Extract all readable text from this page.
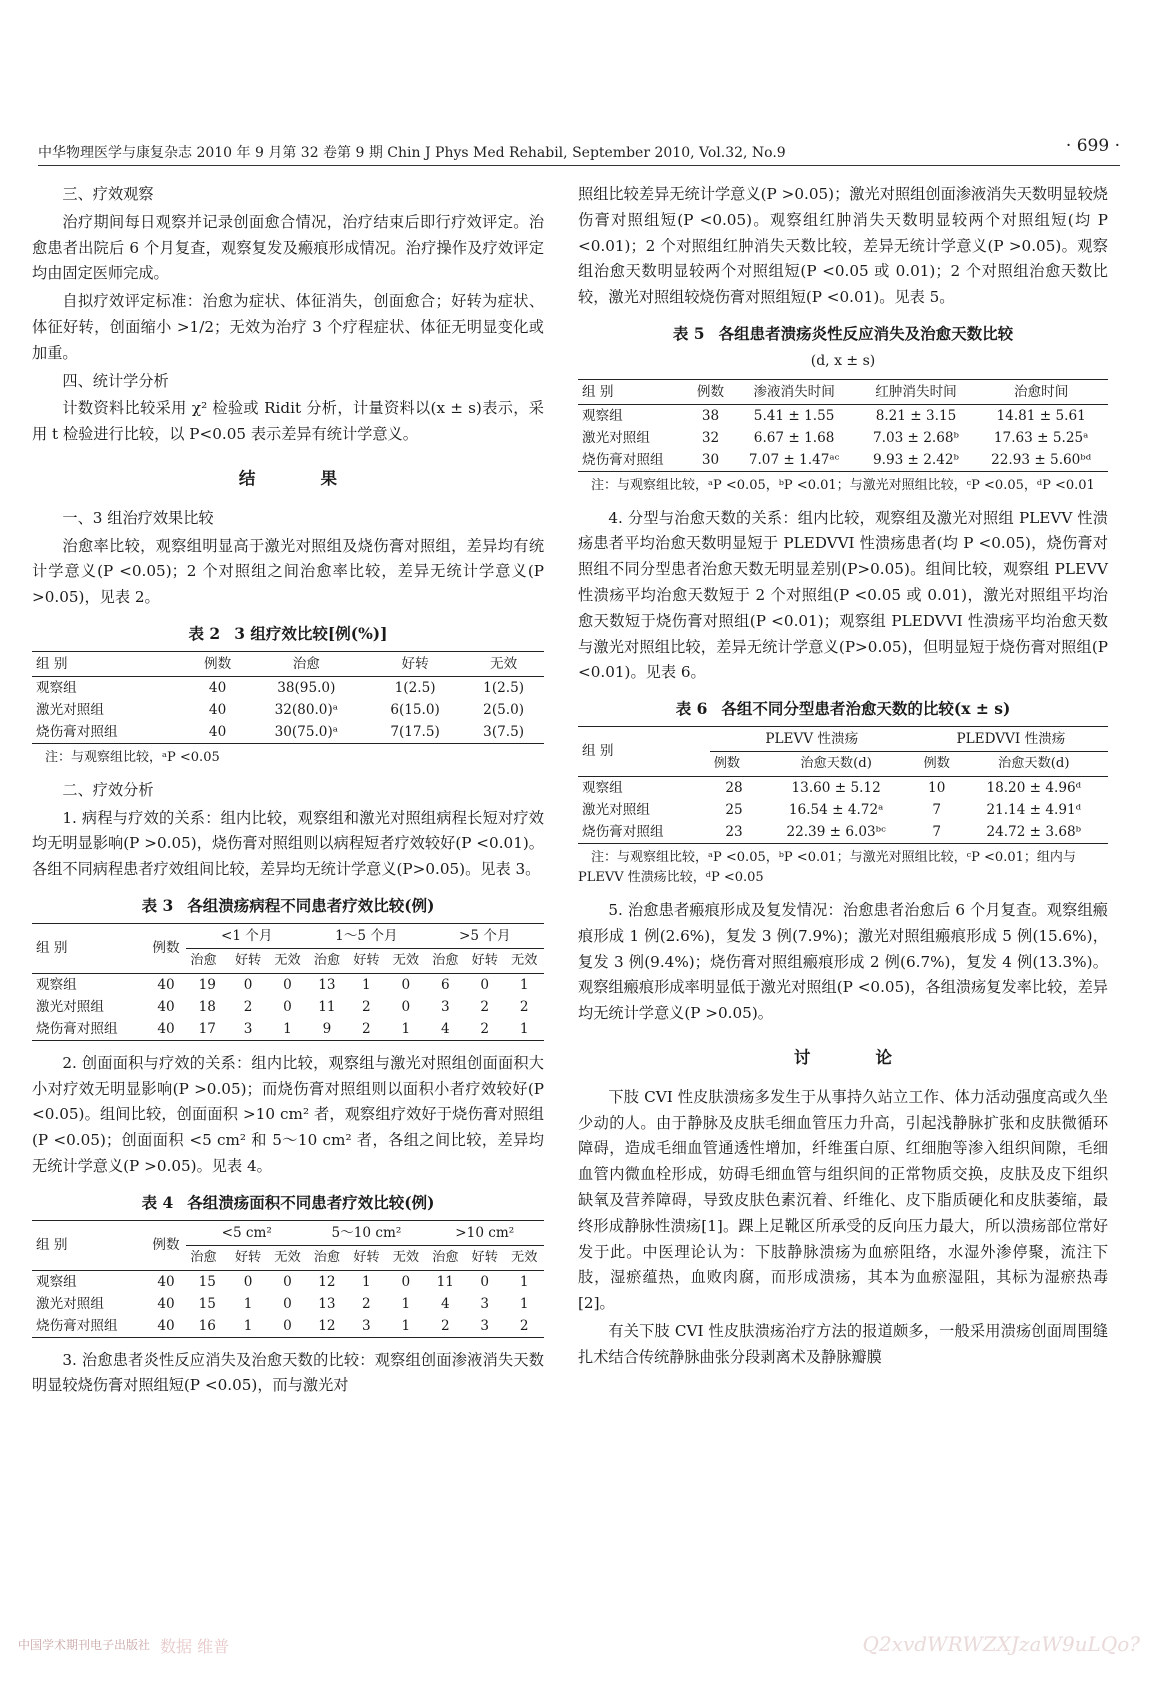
中华物理医学与康复杂志 2010 年 9 月第 32 卷第 9 期 Chin J Phys Med Rehabil, September 2010, Vol.32, No.9	· 699 ·

三、疗效观察

治疗期间每日观察并记录创面愈合情况，治疗结束后即行疗效评定。治愈患者出院后 6 个月复查，观察复发及瘢痕形成情况。治疗操作及疗效评定均由固定医师完成。

自拟疗效评定标准：治愈为症状、体征消失，创面愈合；好转为症状、体征好转，创面缩小 >1/2；无效为治疗 3 个疗程症状、体征无明显变化或加重。

四、统计学分析

计数资料比较采用 χ² 检验或 Ridit 分析，计量资料以(x ± s)表示，采用 t 检验进行比较，以 P<0.05 表示差异有统计学意义。

结 果

一、3 组治疗效果比较

治愈率比较，观察组明显高于激光对照组及烧伤膏对照组，差异均有统计学意义(P <0.05)；2 个对照组之间治愈率比较，差异无统计学意义(P >0.05)，见表 2。

表 2 3 组疗效比较[例(%)]
组 别	例数	治愈	好转	无效
观察组	40	38(95.0)	1(2.5)	1(2.5)
激光对照组	40	32(80.0)ᵃ	6(15.0)	2(5.0)
烧伤膏对照组	40	30(75.0)ᵃ	7(17.5)	3(7.5)
注：与观察组比较，ᵃP <0.05

二、疗效分析

1. 病程与疗效的关系：组内比较，观察组和激光对照组病程长短对疗效均无明显影响(P >0.05)，烧伤膏对照组则以病程短者疗效较好(P <0.01)。各组不同病程患者疗效组间比较，差异均无统计学意义(P>0.05)。见表 3。

表 3 各组溃疡病程不同患者疗效比较(例)
组 别	例数	<1 个月			1～5 个月			>5 个月		
		治愈	好转	无效	治愈	好转	无效	治愈	好转	无效
观察组	40	19	0	0	13	1	0	6	0	1
激光对照组	40	18	2	0	11	2	0	3	2	2
烧伤膏对照组	40	17	3	1	9	2	1	4	2	1

2. 创面面积与疗效的关系：组内比较，观察组与激光对照组创面面积大小对疗效无明显影响(P >0.05)；而烧伤膏对照组则以面积小者疗效较好(P <0.05)。组间比较，创面面积 >10 cm² 者，观察组疗效好于烧伤膏对照组(P <0.05)；创面面积 <5 cm² 和 5～10 cm² 者，各组之间比较，差异均无统计学意义(P >0.05)。见表 4。

表 4 各组溃疡面积不同患者疗效比较(例)
组 别	例数	<5 cm²			5～10 cm²			>10 cm²		
		治愈	好转	无效	治愈	好转	无效	治愈	好转	无效
观察组	40	15	0	0	12	1	0	11	0	1
激光对照组	40	15	1	0	13	2	1	4	3	1
烧伤膏对照组	40	16	1	0	12	3	1	2	3	2

3. 治愈患者炎性反应消失及治愈天数的比较：观察组创面渗液消失天数明显较烧伤膏对照组短(P <0.05)，而与激光对

照组比较差异无统计学意义(P >0.05)；激光对照组创面渗液消失天数明显较烧伤膏对照组短(P <0.05)。观察组红肿消失天数明显较两个对照组短(均 P <0.01)；2 个对照组红肿消失天数比较，差异无统计学意义(P >0.05)。观察组治愈天数明显较两个对照组短(P <0.05 或 0.01)；2 个对照组治愈天数比较，激光对照组较烧伤膏对照组短(P <0.01)。见表 5。

表 5 各组患者溃疡炎性反应消失及治愈天数比较
(d, x ± s)
组 别	例数	渗液消失时间	红肿消失时间	治愈时间
观察组	38	5.41 ± 1.55	8.21 ± 3.15	14.81 ± 5.61
激光对照组	32	6.67 ± 1.68	7.03 ± 2.68ᵇ	17.63 ± 5.25ᵃ
烧伤膏对照组	30	7.07 ± 1.47ᵃᶜ	9.93 ± 2.42ᵇ	22.93 ± 5.60ᵇᵈ
注：与观察组比较，ᵃP <0.05，ᵇP <0.01；与激光对照组比较，ᶜP <0.05，ᵈP <0.01

4. 分型与治愈天数的关系：组内比较，观察组及激光对照组 PLEVV 性溃疡患者平均治愈天数明显短于 PLEDVVI 性溃疡患者(均 P <0.05)，烧伤膏对照组不同分型患者治愈天数无明显差别(P>0.05)。组间比较，观察组 PLEVV 性溃疡平均治愈天数短于 2 个对照组(P <0.05 或 0.01)，激光对照组平均治愈天数短于烧伤膏对照组(P <0.01)；观察组 PLEDVVI 性溃疡平均治愈天数与激光对照组比较，差异无统计学意义(P>0.05)，但明显短于烧伤膏对照组(P <0.01)。见表 6。

表 6 各组不同分型患者治愈天数的比较(x ± s)
组 别	PLEVV 性溃疡		PLEDVVI 性溃疡	
	例数	治愈天数(d)	例数	治愈天数(d)
观察组	28	13.60 ± 5.12	10	18.20 ± 4.96ᵈ
激光对照组	25	16.54 ± 4.72ᵃ	7	21.14 ± 4.91ᵈ
烧伤膏对照组	23	22.39 ± 6.03ᵇᶜ	7	24.72 ± 3.68ᵇ
注：与观察组比较，ᵃP <0.05，ᵇP <0.01；与激光对照组比较，ᶜP <0.01；组内与 PLEVV 性溃疡比较，ᵈP <0.05

5. 治愈患者瘢痕形成及复发情况：治愈患者治愈后 6 个月复查。观察组瘢痕形成 1 例(2.6%)，复发 3 例(7.9%)；激光对照组瘢痕形成 5 例(15.6%)，复发 3 例(9.4%)；烧伤膏对照组瘢痕形成 2 例(6.7%)，复发 4 例(13.3%)。观察组瘢痕形成率明显低于激光对照组(P <0.05)，各组溃疡复发率比较，差异均无统计学意义(P >0.05)。

讨 论

下肢 CVI 性皮肤溃疡多发生于从事持久站立工作、体力活动强度高或久坐少动的人。由于静脉及皮肤毛细血管压力升高，引起浅静脉扩张和皮肤微循环障碍，造成毛细血管通透性增加，纤维蛋白原、红细胞等渗入组织间隙，毛细血管内微血栓形成，妨碍毛细血管与组织间的正常物质交换，皮肤及皮下组织缺氧及营养障碍，导致皮肤色素沉着、纤维化、皮下脂质硬化和皮肤萎缩，最终形成静脉性溃疡[1]。踝上足靴区所承受的反向压力最大，所以溃疡部位常好发于此。中医理论认为：下肢静脉溃疡为血瘀阻络，水湿外渗停聚，流注下肢，湿瘀蕴热，血败肉腐，而形成溃疡，其本为血瘀湿阻，其标为湿瘀热毒[2]。

有关下肢 CVI 性皮肤溃疡治疗方法的报道颇多，一般采用溃疡创面周围缝扎术结合传统静脉曲张分段剥离术及静脉瓣膜

中国学术期刊电子出版社 数据 维普	Q2xvdWRWZXJzaW9uLQo?
